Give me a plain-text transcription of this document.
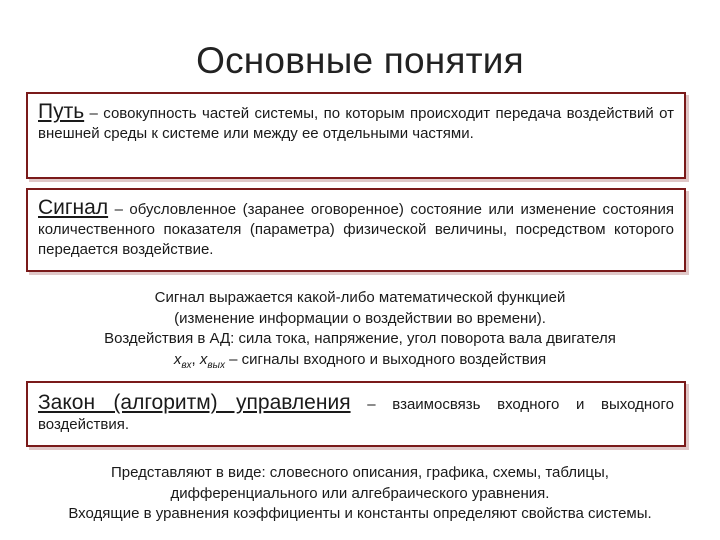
Основные понятия

Путь – совокупность частей системы, по которым происходит передача воздействий от внешней среды к системе или между ее отдельными частями.

Сигнал – обусловленное (заранее оговоренное) состояние или изменение состояния количественного показателя (параметра) физической величины, посредством которого передается воздействие.

Сигнал выражается какой-либо математической функцией
(изменение информации о воздействии во времени).
Воздействия в АД: сила тока, напряжение, угол поворота вала двигателя
$x_{вх}$, $x_{вых}$ – сигналы входного и выходного воздействия

Закон (алгоритм) управления – взаимосвязь входного и выходного воздействия.

Представляют в виде: словесного описания, графика, схемы, таблицы,
дифференциального или алгебраического уравнения.
Входящие в уравнения коэффициенты и константы определяют свойства системы.
